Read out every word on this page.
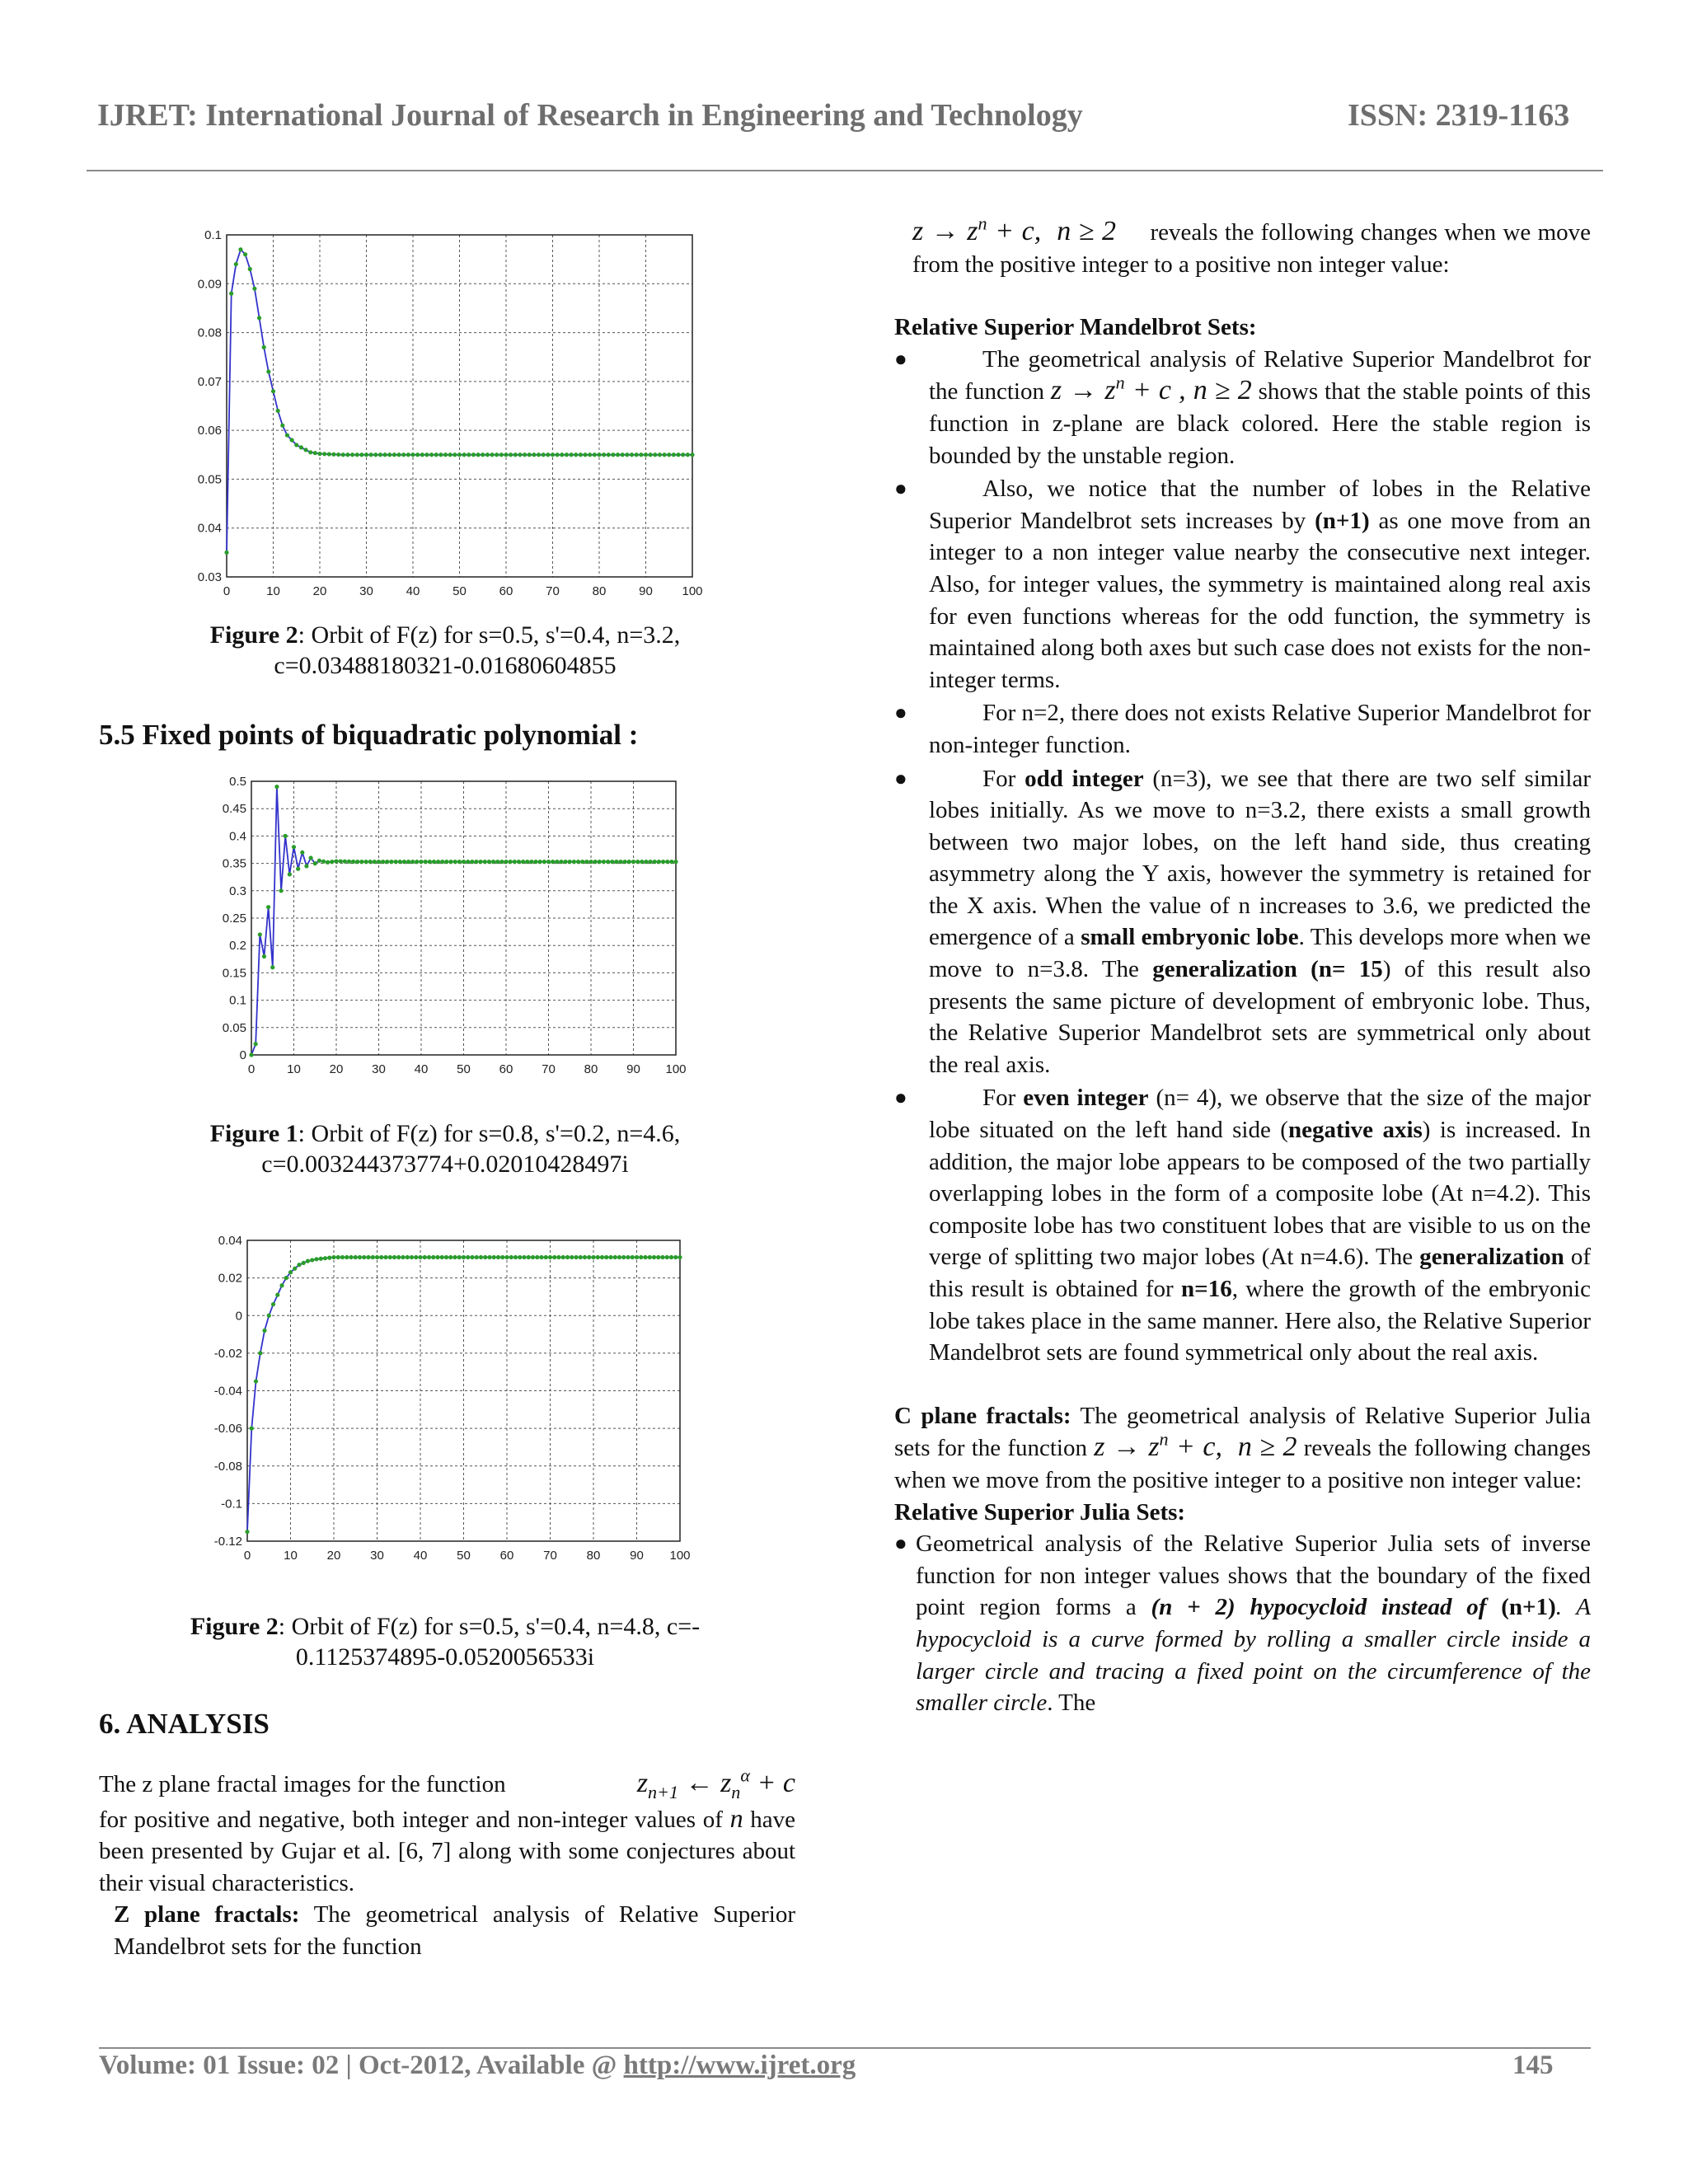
IJRET: International Journal of Research in Engineering and Technology	ISSN: 2319-1163
0	10	20	30	40	50	60	70	80	90 100
0.03
0.04
0.05
0.06
0.07
0.08
0.09
0.1
Figure 2: Orbit of F(z) for s=0.5, s'=0.4, n=3.2,
c=0.03488180321-0.01680604855
5.5 Fixed points of biquadratic polynomial :
0	10 20 30 40 50 60 70 80 90 100
0
0.05
0.1
0.15
0.2
0.25
0.3
0.35
0.4
0.45
0.5
Figure 1: Orbit of F(z) for s=0.8, s'=0.2, n=4.6,
c=0.003244373774+0.02010428497i
0	10 20 30 40 50 60 70 80 90 100
-0.12
-0.1
-0.08
-0.06
-0.04
-0.02
0
0.02
0.04
Figure 2: Orbit of F(z) for s=0.5, s'=0.4, n=4.8, c=-
0.1125374895-0.0520056533i
6. ANALYSIS

The z plane fractal images for the function	$z_{n+1}$ ← $z_n^\alpha + c$

for positive and negative, both integer and non-integer values of n have been presented by Gujar et al. [6, 7] along with some conjectures about their visual characteristics.

Z plane fractals: The geometrical analysis of Relative Superior Mandelbrot sets for the function

$z \to z^n + c$,  n ≥ 2 reveals the following changes when we move from the positive integer to a positive non integer value:

Relative Superior Mandelbrot Sets:

●	The geometrical analysis of Relative Superior Mandelbrot for the function $z \to z^n + c$ , n ≥ 2 shows that the stable points of this function in z-plane are black colored. Here the stable region is bounded by the unstable region.
●	Also, we notice that the number of lobes in the Relative Superior Mandelbrot sets increases by (n+1) as one move from an integer to a non integer value nearby the consecutive next integer. Also, for integer values, the symmetry is maintained along real axis for even functions whereas for the odd function, the symmetry is maintained along both axes but such case does not exists for the non-integer terms.
●	For n=2, there does not exists Relative Superior Mandelbrot for non-integer function.
●	For odd integer (n=3), we see that there are two self similar lobes initially. As we move to n=3.2, there exists a small growth between two major lobes, on the left hand side, thus creating asymmetry along the Y axis, however the symmetry is retained for the X axis. When the value of n increases to 3.6, we predicted the emergence of a small embryonic lobe. This develops more when we move to n=3.8. The generalization (n= 15) of this result also presents the same picture of development of embryonic lobe. Thus, the Relative Superior Mandelbrot sets are symmetrical only about the real axis.
●	For even integer (n= 4), we observe that the size of the major lobe situated on the left hand side (negative axis) is increased. In addition, the major lobe appears to be composed of the two partially overlapping lobes in the form of a composite lobe (At n=4.2). This composite lobe has two constituent lobes that are visible to us on the verge of splitting two major lobes (At n=4.6). The generalization of this result is obtained for n=16, where the growth of the embryonic lobe takes place in the same manner. Here also, the Relative Superior Mandelbrot sets are found symmetrical only about the real axis.

C plane fractals: The geometrical analysis of Relative Superior Julia sets for the function $z \to z^n + c$,  n ≥ 2 reveals the following changes when we move from the positive integer to a positive non integer value:

Relative Superior Julia Sets:

● Geometrical analysis of the Relative Superior Julia sets of inverse function for non integer values shows that the boundary of the fixed point region forms a (n + 2) hypocycloid instead of (n+1). A hypocycloid is a curve formed by rolling a smaller circle inside a larger circle and tracing a fixed point on the circumference of the smaller circle. The
Volume: 01 Issue: 02 | Oct-2012, Available @ http://www.ijret.org	145
